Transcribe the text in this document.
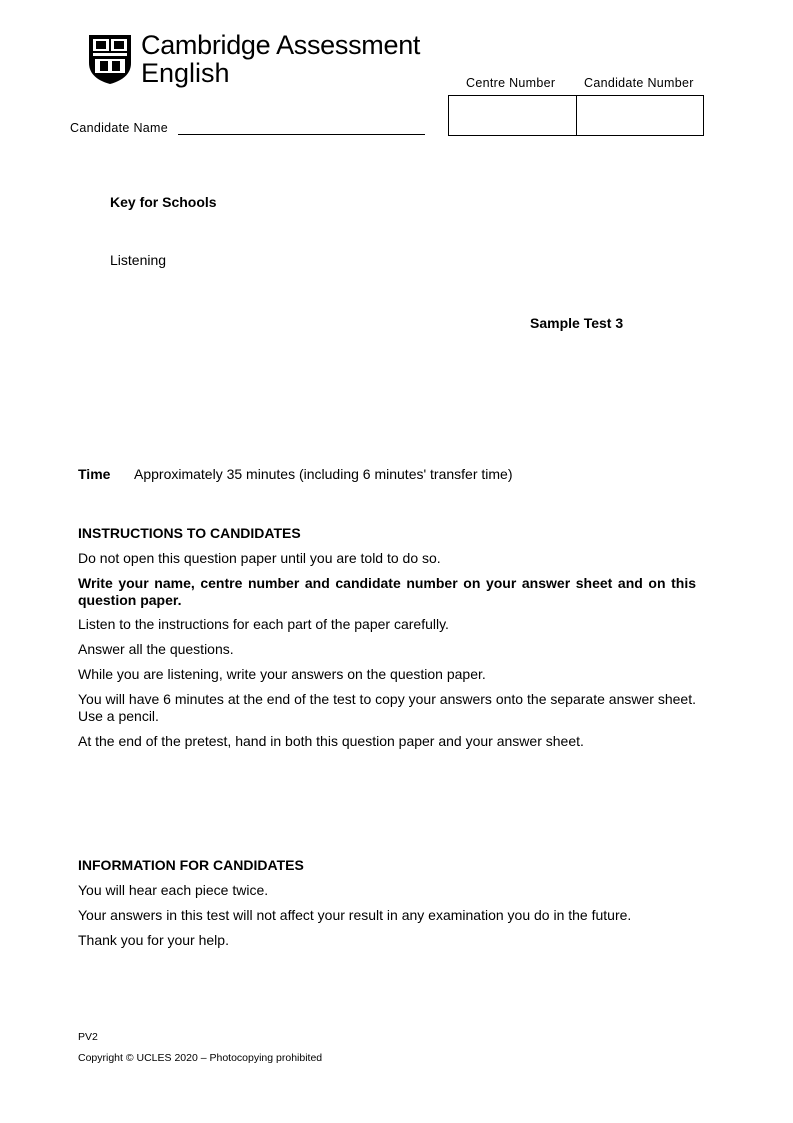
Cambridge Assessment
English	Centre Number Candidate Number
Candidate Name
Key for Schools
Listening
Sample Test 3
Time Approximately 35 minutes (including 6 minutes' transfer time)
INSTRUCTIONS TO CANDIDATES
Do not open this question paper until you are told to do so.
Write your name, centre number and candidate number on your answer sheet and on this question paper.
Listen to the instructions for each part of the paper carefully.
Answer all the questions.
While you are listening, write your answers on the question paper.
You will have 6 minutes at the end of the test to copy your answers onto the separate answer sheet. Use a pencil.
At the end of the pretest, hand in both this question paper and your answer sheet.
INFORMATION FOR CANDIDATES
You will hear each piece twice.
Your answers in this test will not affect your result in any examination you do in the future.
Thank you for your help.
PV2
Copyright © UCLES 2020 – Photocopying prohibited
